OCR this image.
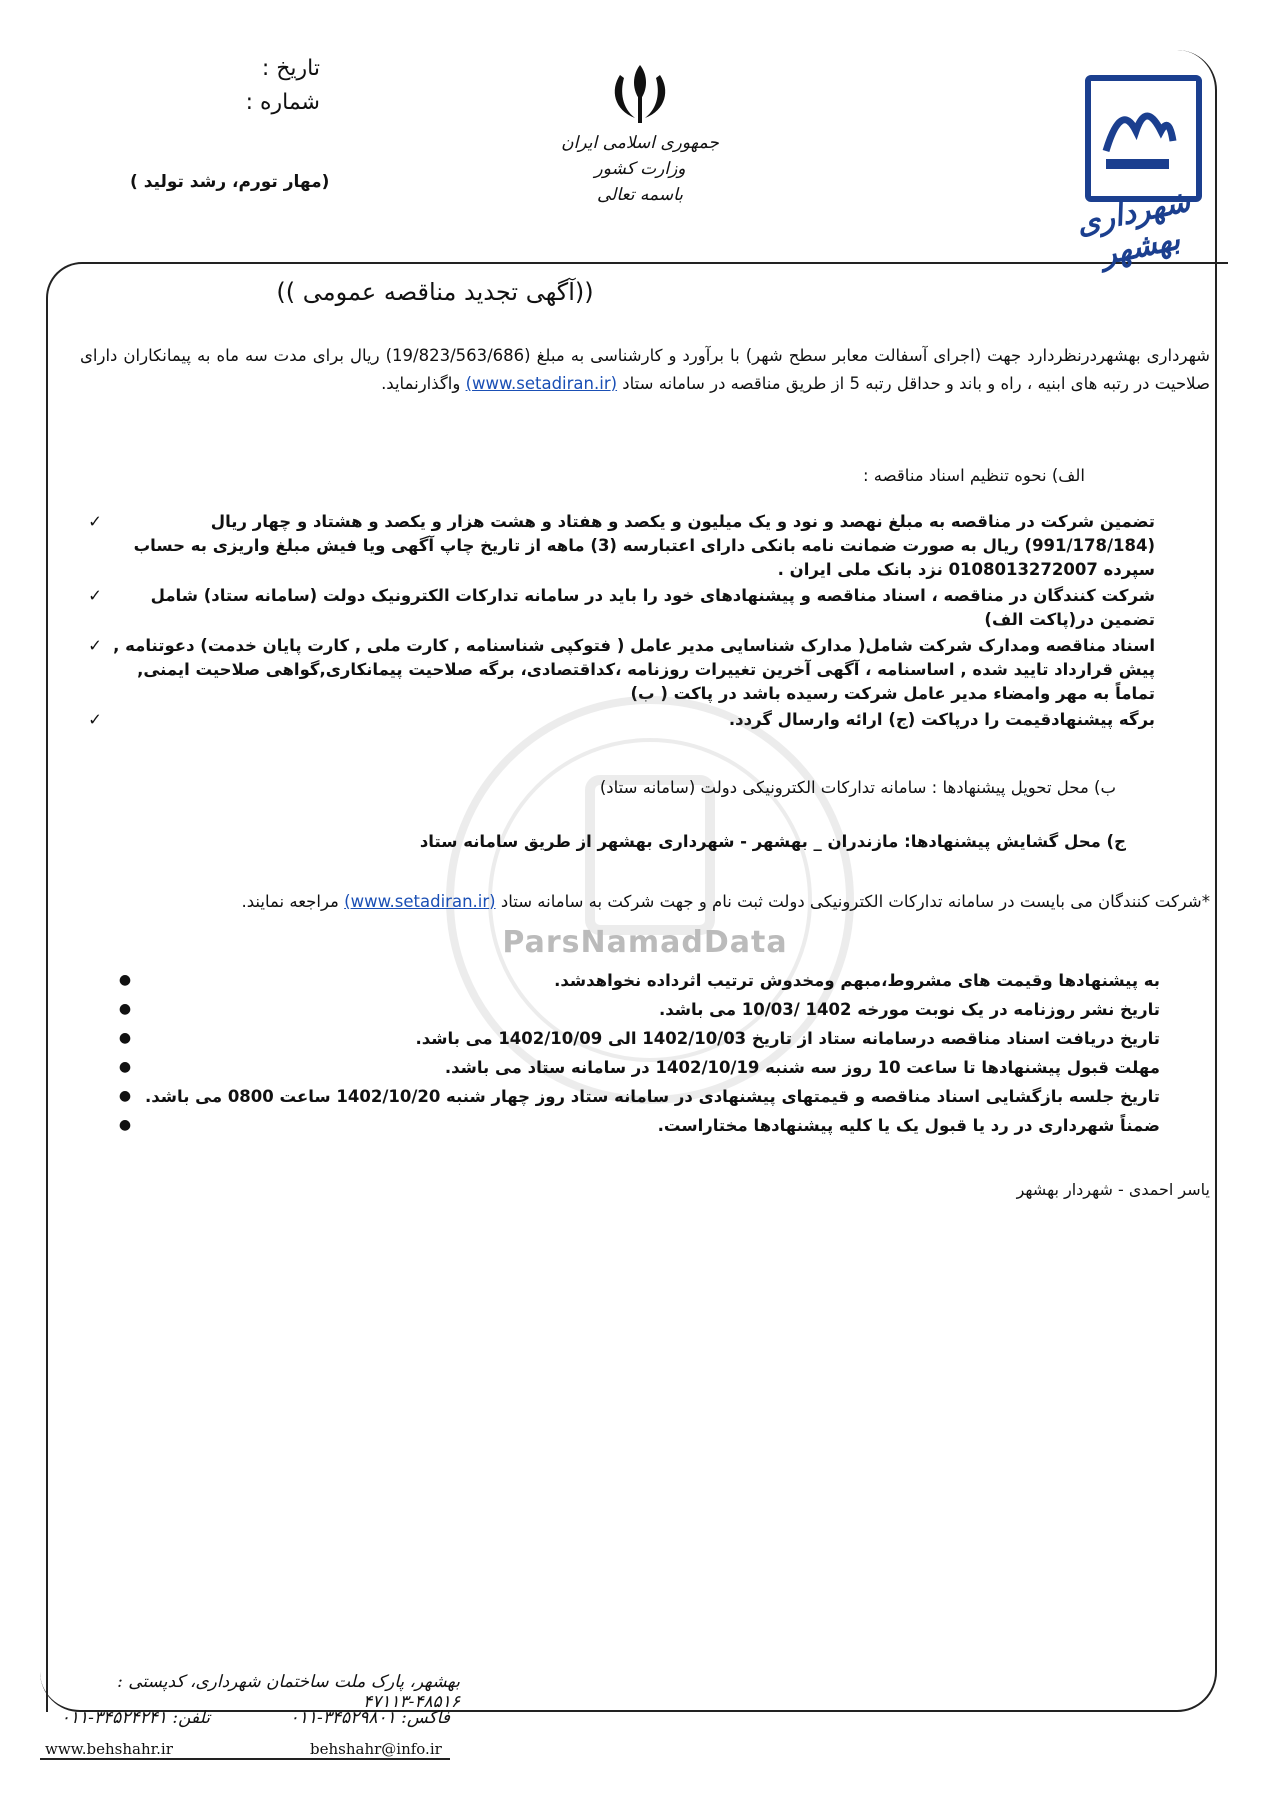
جمهوری اسلامی ایران
وزارت کشور
باسمه تعالی	شهرداری بهشهر
تاریخ :
شماره :
(مهار تورم، رشد تولید )
((آگهی تجدید مناقصه عمومی ))
شهرداری بهشهردرنظردارد جهت (اجرای آسفالت معابر سطح شهر) با برآورد و کارشناسی به مبلغ (19/823/563/686) ریال برای مدت سه ماه به پیمانکاران دارای صلاحیت در رتبه های ابنیه ، راه و باند و حداقل رتبه 5 از طریق مناقصه در سامانه ستاد (www.setadiran.ir) واگذارنماید.
الف) نحوه تنظیم اسناد مناقصه :
✓	تضمین شرکت در مناقصه به مبلغ نهصد و نود و یک میلیون و یکصد و هفتاد و هشت هزار و یکصد و هشتاد و چهار ریال (991/178/184) ریال به صورت ضمانت نامه بانکی دارای اعتبارسه (3) ماهه از تاریخ چاپ آگهی ویا فیش مبلغ واریزی به حساب سپرده 0108013272007 نزد بانک ملی ایران .
✓	شرکت کنندگان در مناقصه ، اسناد مناقصه و پیشنهادهای خود را باید در سامانه تدارکات الکترونیک دولت (سامانه ستاد) شامل تضمین در(پاکت الف)
✓ اسناد مناقصه ومدارک شرکت شامل( مدارک شناسایی مدیر عامل ( فتوکپی شناسنامه , کارت ملی , کارت پایان خدمت) دعوتنامه , پیش قرارداد تایید شده , اساسنامه ، آگهی آخرین تغییرات روزنامه ،کداقتصادی، برگه صلاحیت پیمانکاری,گواهی صلاحیت ایمنی, تماماً به مهر وامضاء مدیر عامل شرکت رسیده باشد در پاکت ( ب)
✓	برگه پیشنهادقیمت را درپاکت (ج) ارائه وارسال گردد.
ParsNamadData
ب) محل تحویل پیشنهادها : سامانه تدارکات الکترونیکی دولت (سامانه ستاد)
ج) محل گشایش پیشنهادها: مازندران _ بهشهر - شهرداری بهشهر از طریق سامانه ستاد
*شرکت کنندگان می بایست در سامانه تدارکات الکترونیکی دولت ثبت نام و جهت شرکت به سامانه ستاد (www.setadiran.ir) مراجعه نمایند.
●	به پیشنهادها وقیمت های مشروط،مبهم ومخدوش ترتیب اثرداده نخواهدشد.
●	تاریخ نشر روزنامه در یک نوبت مورخه 1402 /10/03 می باشد.
●	تاریخ دریافت اسناد مناقصه درسامانه ستاد از تاریخ 1402/10/03 الی 1402/10/09 می باشد.
●	مهلت قبول پیشنهادها تا ساعت 10 روز سه شنبه 1402/10/19 در سامانه ستاد می باشد.
● تاریخ جلسه بازگشایی اسناد مناقصه و قیمتهای پیشنهادی در سامانه ستاد روز چهار شنبه 1402/10/20 ساعت 0800 می باشد.
●	ضمناً شهرداری در رد یا قبول یک یا کلیه پیشنهادها مختاراست.
یاسر احمدی - شهردار بهشهر
بهشهر، پارک ملت ساختمان شهرداری، کدپستی : ۴۸۵۱۶-۴۷۱۱۳
تلفن: ۳۴۵۲۴۲۴۱-۰۱۱	فاکس: ۳۴۵۲۹۸۰۱-۰۱۱
www.behshahr.ir	behshahr@info.ir
